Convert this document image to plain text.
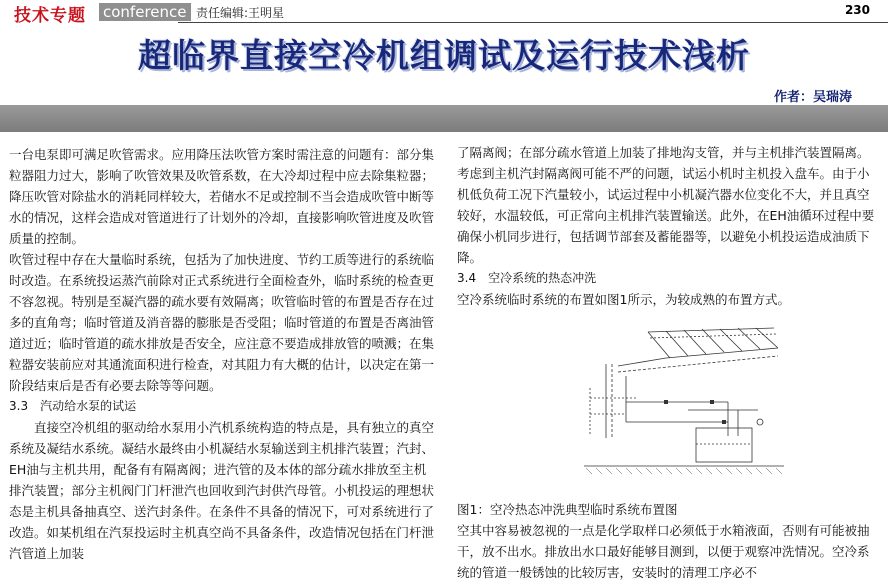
技术专题 conference 责任编辑:王明星	230
超临界直接空冷机组调试及运行技术浅析
作者：吴瑞涛

一台电泵即可满足吹管需求。应用降压法吹管方案时需注意的问题有：部分集粒器阻力过大，影响了吹管效果及吹管系数，在大冷却过程中应去除集粒器；降压吹管对除盐水的消耗同样较大，若储水不足或控制不当会造成吹管中断等水的情况，这样会造成对管道进行了计划外的冷却，直接影响吹管进度及吹管质量的控制。

吹管过程中存在大量临时系统，包括为了加快进度、节约工质等进行的系统临时改造。在系统投运蒸汽前除对正式系统进行全面检查外，临时系统的检查更不容忽视。特别是至凝汽器的疏水要有效隔离；吹管临时管的布置是否存在过多的直角弯；临时管道及消音器的膨胀是否受阻；临时管道的布置是否离油管道过近；临时管道的疏水排放是否安全，应注意不要造成排放管的喷溅；在集粒器安装前应对其通流面积进行检查，对其阻力有大概的估计，以决定在第一阶段结束后是否有必要去除等等问题。

3.3　汽动给水泵的试运

直接空冷机组的驱动给水泵用小汽机系统构造的特点是，具有独立的真空系统及凝结水系统。凝结水最终由小机凝结水泵输送到主机排汽装置；汽封、EH油与主机共用，配备有有隔离阀；进汽管的及本体的部分疏水排放至主机排汽装置；部分主机阀门门杆泄汽也回收到汽封供汽母管。小机投运的理想状态是主机具备抽真空、送汽封条件。在条件不具备的情况下，可对系统进行了改造。如某机组在汽泵投运时主机真空尚不具备条件，改造情况包括在门杆泄汽管道上加装

了隔离阀；在部分疏水管道上加装了排地沟支管，并与主机排汽装置隔离。考虑到主机汽封隔离阀可能不严的问题，试运小机时主机投入盘车。由于小机低负荷工况下汽量较小，试运过程中小机凝汽器水位变化不大，并且真空较好，水温较低，可正常向主机排汽装置输送。此外，在EH油循环过程中要确保小机同步进行，包括调节部套及蓄能器等，以避免小机投运造成油质下降。

3.4　空冷系统的热态冲洗

空冷系统临时系统的布置如图1所示，为较成熟的布置方式。

图1：空冷热态冲洗典型临时系统布置图

空其中容易被忽视的一点是化学取样口必须低于水箱液面，否则有可能被抽干，放不出水。排放出水口最好能够目测到，以便于观察冲洗情况。空冷系统的管道一般锈蚀的比较厉害，安装时的清理工序必不
